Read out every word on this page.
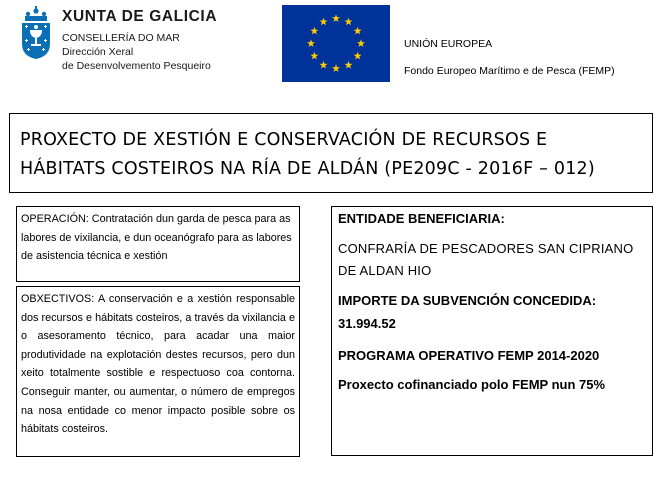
XUNTA DE GALICIA
CONSELLERÍA DO MAR
Dirección Xeral
de Desenvolvemento Pesqueiro
UNIÓN EUROPEA
Fondo Europeo Marítimo e de Pesca (FEMP)
PROXECTO DE XESTIÓN E CONSERVACIÓN DE RECURSOS E
HÁBITATS COSTEIROS NA RÍA DE ALDÁN (PE209C - 2016F – 012)
OPERACIÓN: Contratación dun garda de pesca para as labores de vixilancia, e dun oceanógrafo para as labores de asistencia técnica e xestión
OBXECTIVOS: A conservación e a xestión responsable dos recursos e hábitats costeiros, a través da vixilancia e o asesoramento técnico, para acadar una maior produtividade na explotación destes recursos, pero dun xeito totalmente sostible e respectuoso coa contorna. Conseguir manter, ou aumentar, o número de empregos na nosa entidade co menor impacto posible sobre os hábitats costeiros.
ENTIDADE BENEFICIARIA:
CONFRARÍA DE PESCADORES SAN CIPRIANO DE ALDAN HIO
IMPORTE DA SUBVENCIÓN CONCEDIDA:
31.994.52
PROGRAMA OPERATIVO FEMP 2014-2020
Proxecto cofinanciado polo FEMP nun 75%
